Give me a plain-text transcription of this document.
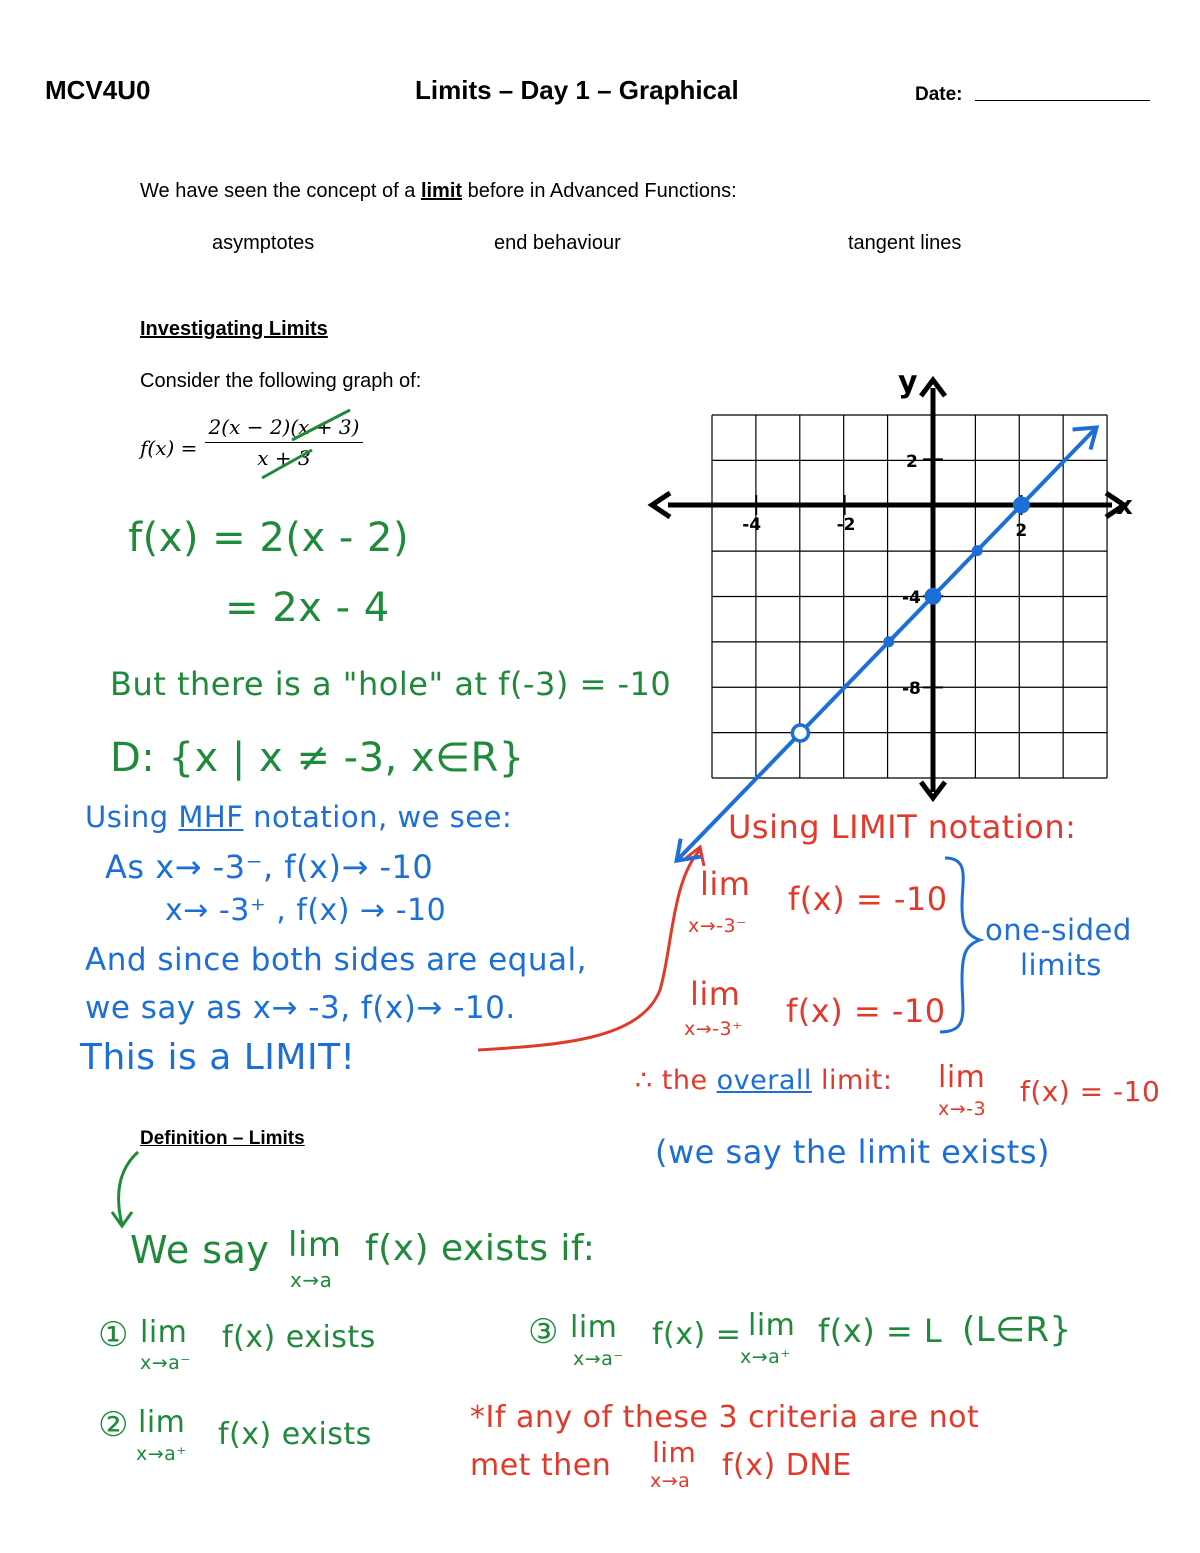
MCV4U0	Limits – Day 1 – Graphical	Date:
We have seen the concept of a limit before in Advanced Functions:
asymptotes	end behaviour	tangent lines
Investigating Limits
Consider the following graph of:
$f(x) = \frac{2(x - 2)(x + 3)}{x + 3}$
f(x) = 2(x - 2)
= 2x - 4
But there is a "hole" at f(-3) = -10
D: {x | x ≠ -3, x∈R}
Using MHF notation, we see:
As x→ -3⁻, f(x)→ -10
x→ -3⁺ , f(x) → -10
And since both sides are equal,
we say as x→ -3, f(x)→ -10.
This is a LIMIT!
(we say the limit exists)
Using LIMIT notation:
lim
x→-3⁻
f(x) = -10
lim
x→-3⁺ f(x) = -10
∴ the overall limit: lim
x→-3
f(x) = -10
one-sided
limits
*If any of these 3 criteria are not
met then lim
x→a f(x) DNE
Definition – Limits
We say lim
x→a
f(x) exists if:
① lim
x→a⁻
f(x) exists
② lim
x→a⁺
f(x) exists
③ lim
x→a⁻
f(x) = lim
x→a⁺
f(x) = L (L∈R}
y
x
-4	-2	2
2
-4
-8
